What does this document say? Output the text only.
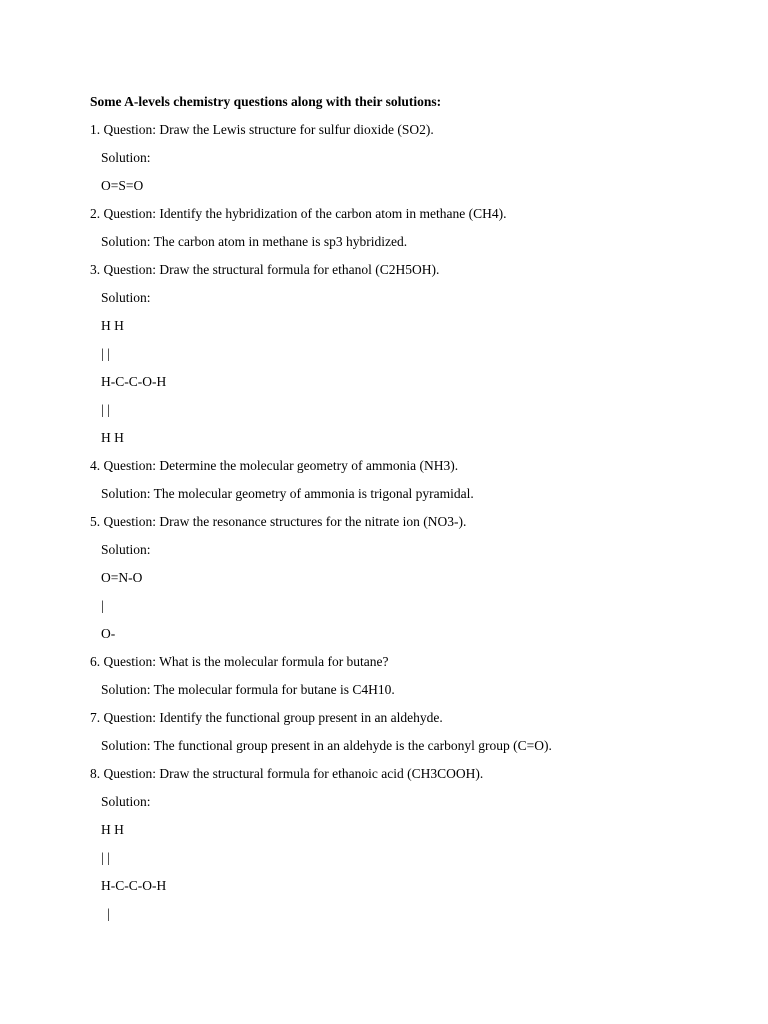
Some A-levels chemistry questions along with their solutions:
1. Question: Draw the Lewis structure for sulfur dioxide (SO2).
Solution:
O=S=O
2. Question: Identify the hybridization of the carbon atom in methane (CH4).
Solution: The carbon atom in methane is sp3 hybridized.
3. Question: Draw the structural formula for ethanol (C2H5OH).
Solution:
H H
| |
H-C-C-O-H
| |
H H
4. Question: Determine the molecular geometry of ammonia (NH3).
Solution: The molecular geometry of ammonia is trigonal pyramidal.
5. Question: Draw the resonance structures for the nitrate ion (NO3-).
Solution:
O=N-O
|
O-
6. Question: What is the molecular formula for butane?
Solution: The molecular formula for butane is C4H10.
7. Question: Identify the functional group present in an aldehyde.
Solution: The functional group present in an aldehyde is the carbonyl group (C=O).
8. Question: Draw the structural formula for ethanoic acid (CH3COOH).
Solution:
H H
| |
H-C-C-O-H
|
